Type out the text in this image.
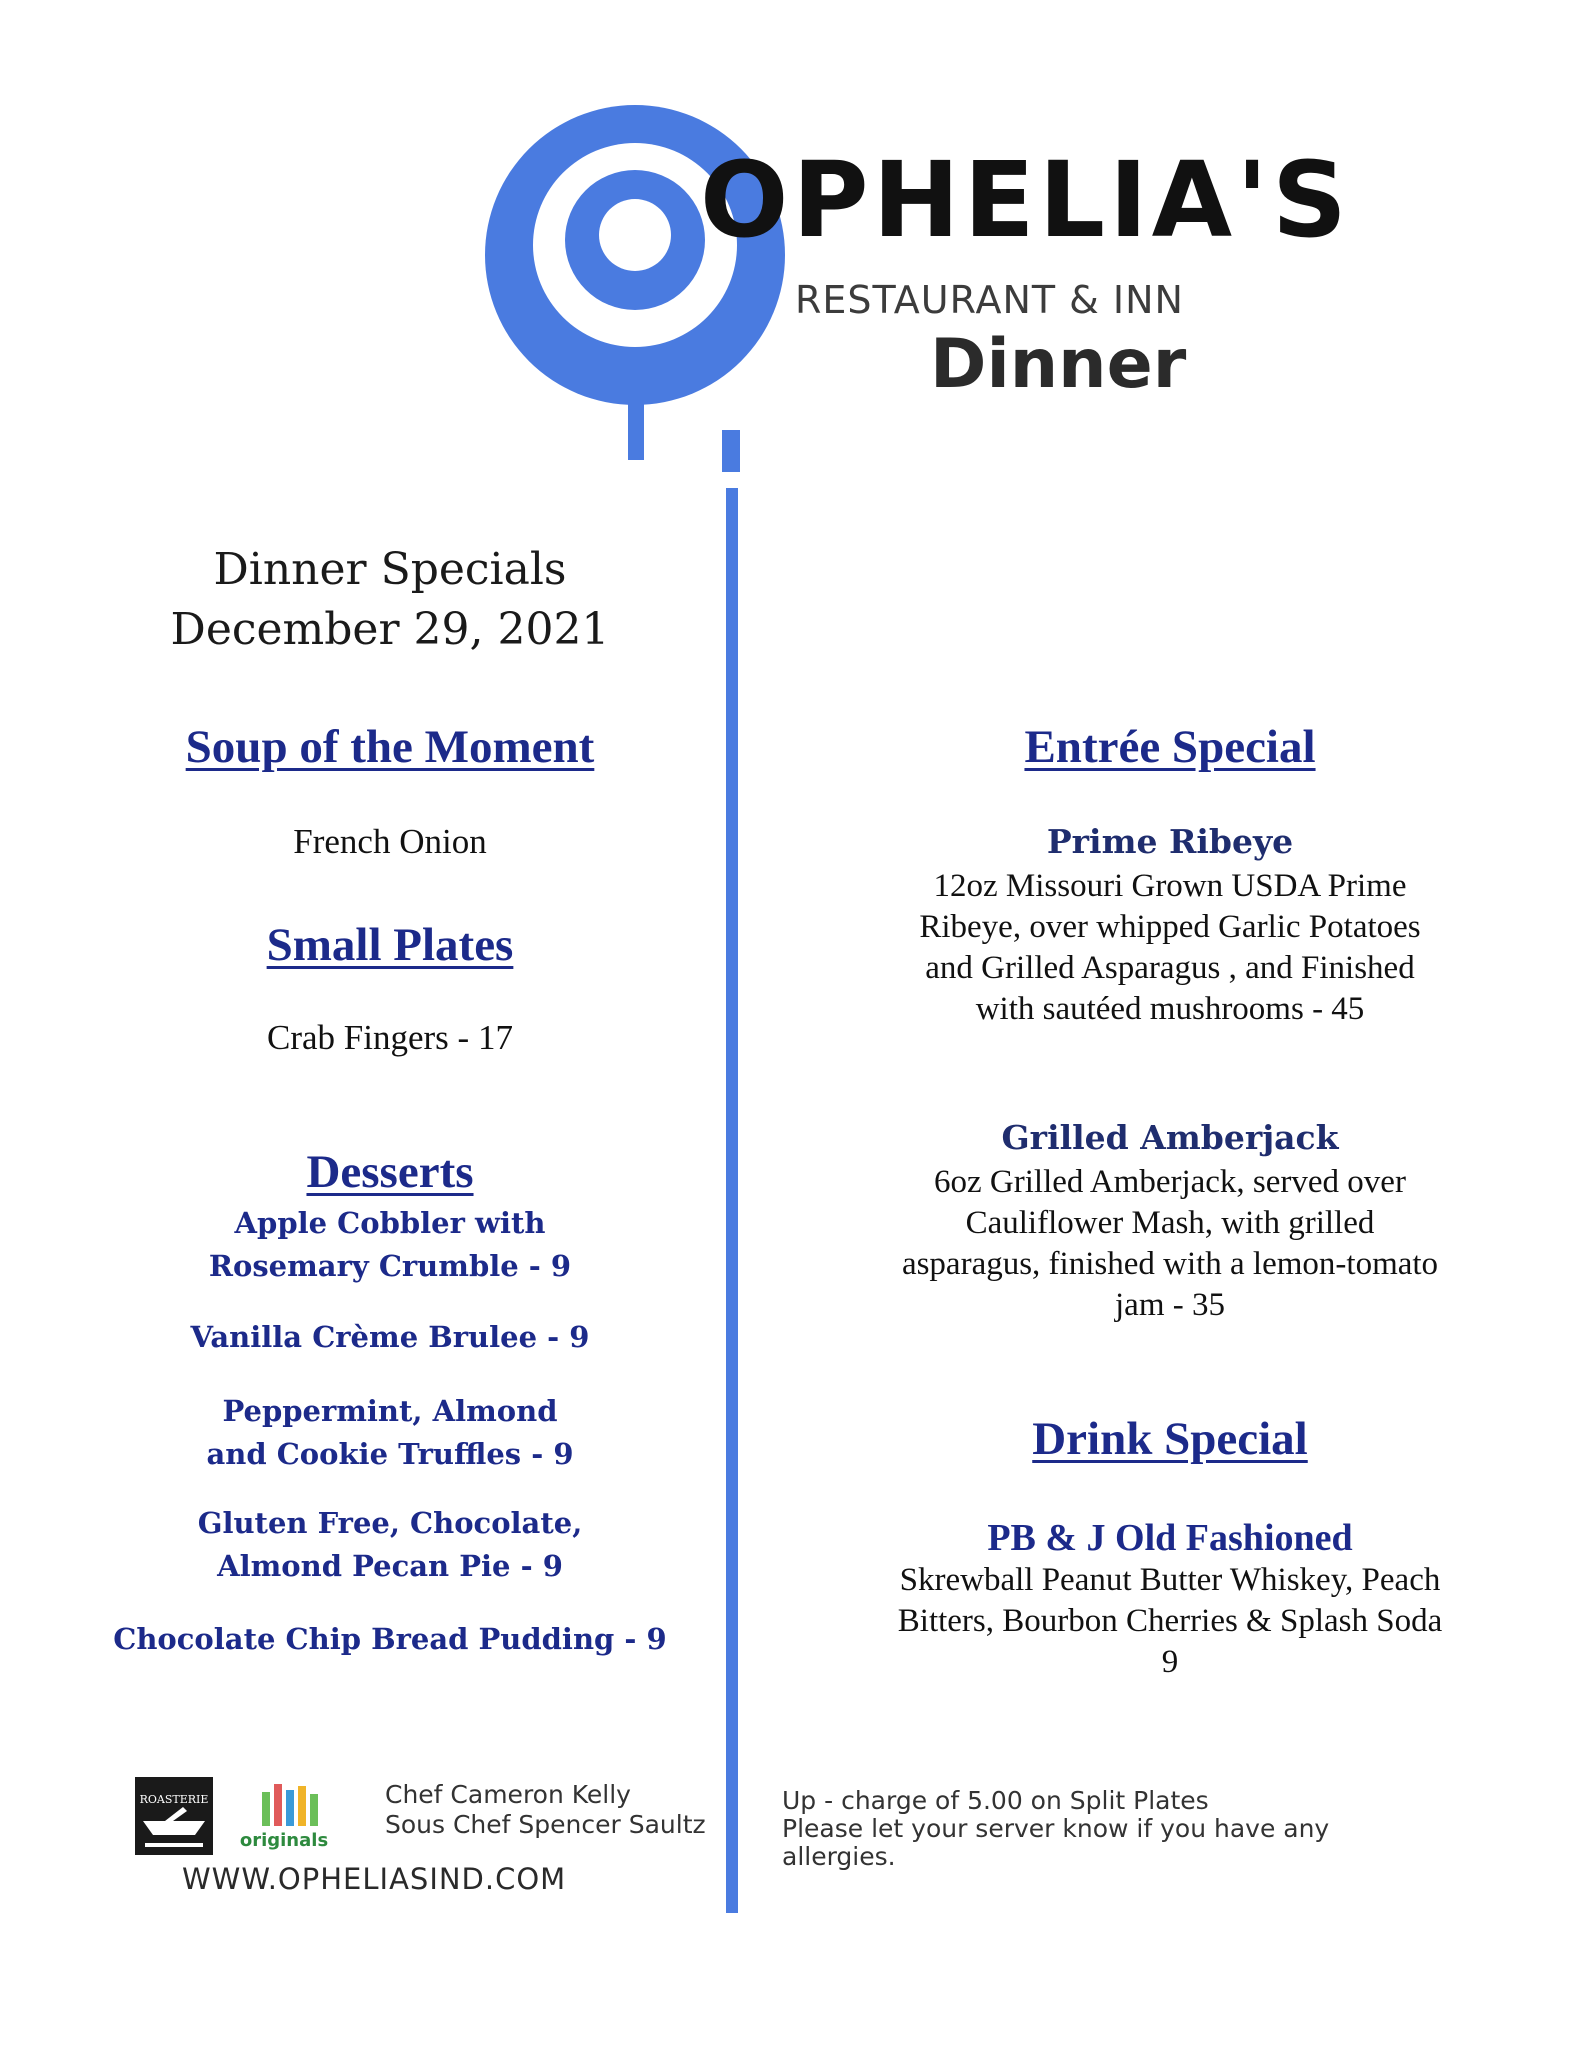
OPHELIA'S
RESTAURANT & INN
Dinner
Dinner Specials
December 29, 2021
Soup of the Moment
French Onion
Small Plates
Crab Fingers - 17
Desserts
Apple Cobbler with
Rosemary Crumble - 9
Vanilla Crème Brulee - 9
Peppermint, Almond
and Cookie Truffles - 9
Gluten Free, Chocolate,
Almond Pecan Pie - 9
Chocolate Chip Bread Pudding - 9
Entrée Special
Prime Ribeye
12oz Missouri Grown USDA Prime
Ribeye, over whipped Garlic Potatoes
and Grilled Asparagus , and Finished
with sautéed mushrooms - 45
Grilled Amberjack
6oz Grilled Amberjack, served over
Cauliflower Mash, with grilled
asparagus, finished with a lemon-tomato
jam - 35
Drink Special
PB & J Old Fashioned
Skrewball Peanut Butter Whiskey, Peach
Bitters, Bourbon Cherries & Splash Soda
9
ROASTERIE
originals
Chef Cameron Kelly
Sous Chef Spencer Saultz
WWW.OPHELIASIND.COM
Up - charge of 5.00 on Split Plates
Please let your server know if you have any
allergies.
